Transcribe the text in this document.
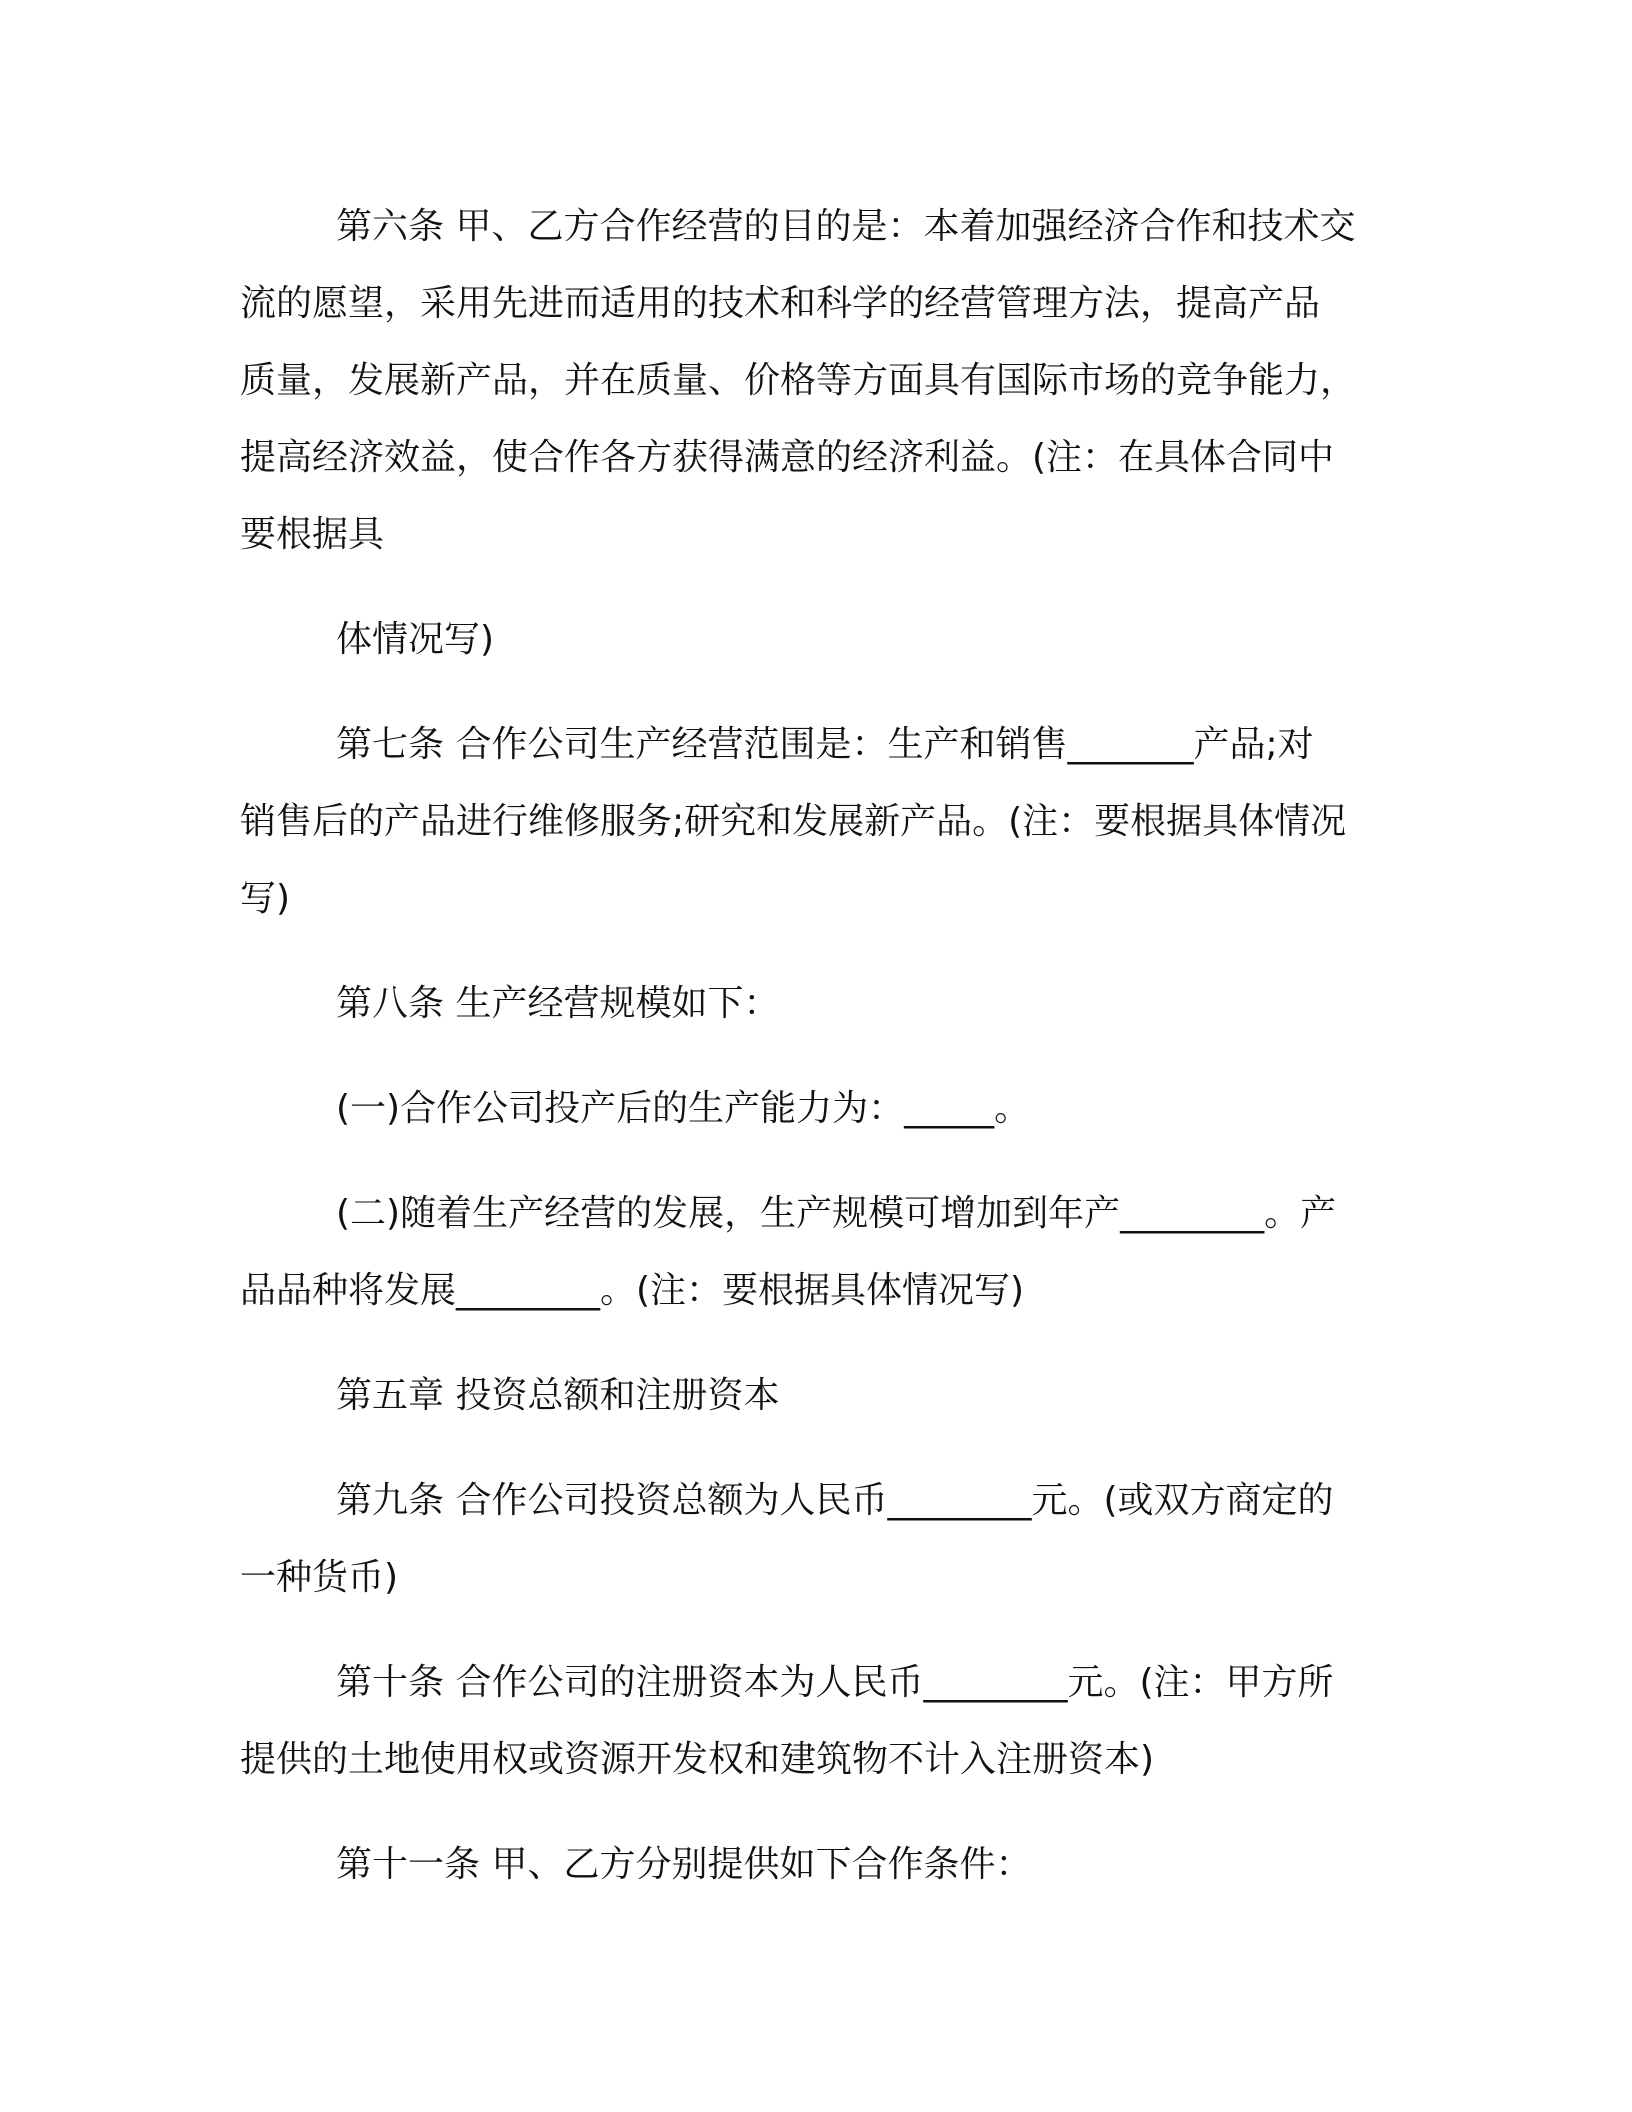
第六条 甲、乙方合作经营的目的是：本着加强经济合作和技术交
流的愿望，采用先进而适用的技术和科学的经营管理方法，提高产品
质量，发展新产品，并在质量、价格等方面具有国际市场的竞争能力，
提高经济效益，使合作各方获得满意的经济利益。(注：在具体合同中
要根据具

体情况写)

第七条 合作公司生产经营范围是：生产和销售_______产品;对
销售后的产品进行维修服务;研究和发展新产品。(注：要根据具体情况
写)

第八条 生产经营规模如下：

(一)合作公司投产后的生产能力为：_____。

(二)随着生产经营的发展，生产规模可增加到年产________。产
品品种将发展________。(注：要根据具体情况写)

第五章 投资总额和注册资本

第九条 合作公司投资总额为人民币________元。(或双方商定的
一种货币)

第十条 合作公司的注册资本为人民币________元。(注：甲方所
提供的土地使用权或资源开发权和建筑物不计入注册资本)

第十一条 甲、乙方分别提供如下合作条件：
